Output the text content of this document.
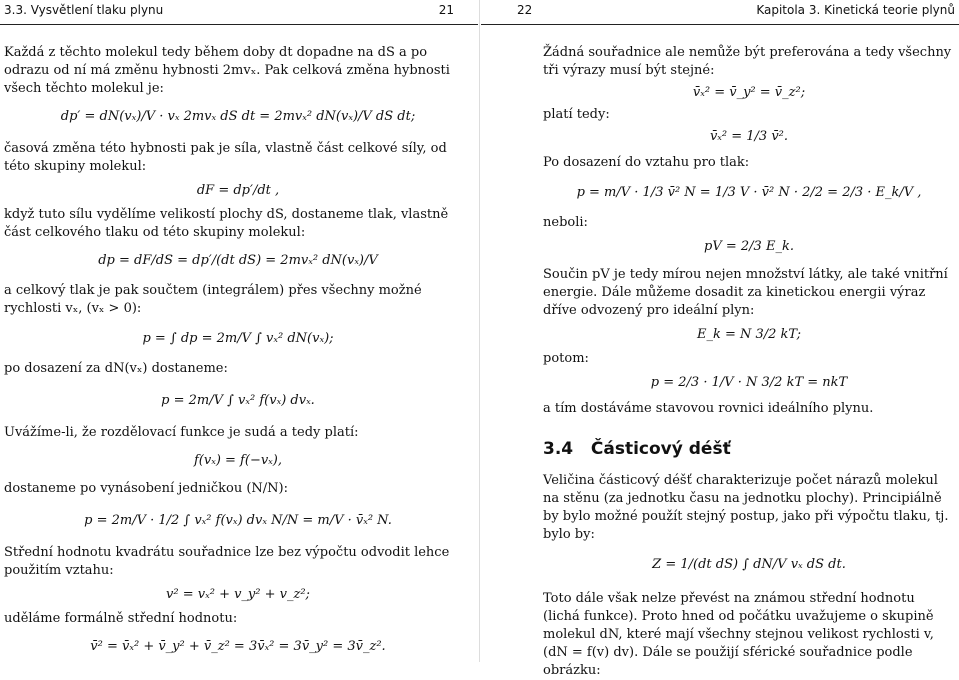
3.3. Vysvětlení tlaku plynu	21

Každá z těchto molekul tedy během doby dt dopadne na dS a po odrazu od ní má změnu hybnosti 2mvₓ. Pak celková změna hybnosti všech těchto molekul je:

dp′ = dN(vₓ)/V · vₓ 2mvₓ dS dt = 2mvₓ² dN(vₓ)/V dS dt;

časová změna této hybnosti pak je síla, vlastně část celkové síly, od této skupiny molekul:

dF = dp′/dt ,

když tuto sílu vydělíme velikostí plochy dS, dostaneme tlak, vlastně část celkového tlaku od této skupiny molekul:

dp = dF/dS = dp′/(dt dS) = 2mvₓ² dN(vₓ)/V

a celkový tlak je pak součtem (integrálem) přes všechny možné rychlosti vₓ, (vₓ > 0):

p = ∫ dp = 2m/V ∫ vₓ² dN(vₓ);

po dosazení za dN(vₓ) dostaneme:

p = 2m/V ∫ vₓ² f(vₓ) dvₓ.

Uvážíme-li, že rozdělovací funkce je sudá a tedy platí:

f(vₓ) = f(−vₓ),

dostaneme po vynásobení jedničkou (N/N):

p = 2m/V · 1/2 ∫ vₓ² f(vₓ) dvₓ N/N = m/V · v̄ₓ² N.

Střední hodnotu kvadrátu souřadnice lze bez výpočtu odvodit lehce použitím vztahu:

v² = vₓ² + v_y² + v_z²;

uděláme formálně střední hodnotu:

v̄² = v̄ₓ² + v̄_y² + v̄_z² = 3v̄ₓ² = 3v̄_y² = 3v̄_z².
22	Kapitola 3. Kinetická teorie plynů

Žádná souřadnice ale nemůže být preferována a tedy všechny tři výrazy musí být stejné:

v̄ₓ² = v̄_y² = v̄_z²;

platí tedy:

v̄ₓ² = 1/3 v̄².

Po dosazení do vztahu pro tlak:

p = m/V · 1/3 v̄² N = 1/3 V · v̄² N · 2/2 = 2/3 · E_k/V ,

neboli:

pV = 2/3 E_k.

Součin pV je tedy mírou nejen množství látky, ale také vnitřní energie. Dále můžeme dosadit za kinetickou energii výraz dříve odvozený pro ideální plyn:

E_k = N 3/2 kT;

potom:

p = 2/3 · 1/V · N 3/2 kT = nkT

a tím dostáváme stavovou rovnici ideálního plynu.

3.4 Částicový déšť

Veličina částicový déšť charakterizuje počet nárazů molekul na stěnu (za jednotku času na jednotku plochy). Principiálně by bylo možné použít stejný postup, jako při výpočtu tlaku, tj. bylo by:

Z = 1/(dt dS) ∫ dN/V vₓ dS dt.

Toto dále však nelze převést na známou střední hodnotu (lichá funkce). Proto hned od počátku uvažujeme o skupině molekul dN, které mají všechny stejnou velikost rychlosti v, (dN = f(v) dv). Dále se použijí sférické souřadnice podle obrázku:
